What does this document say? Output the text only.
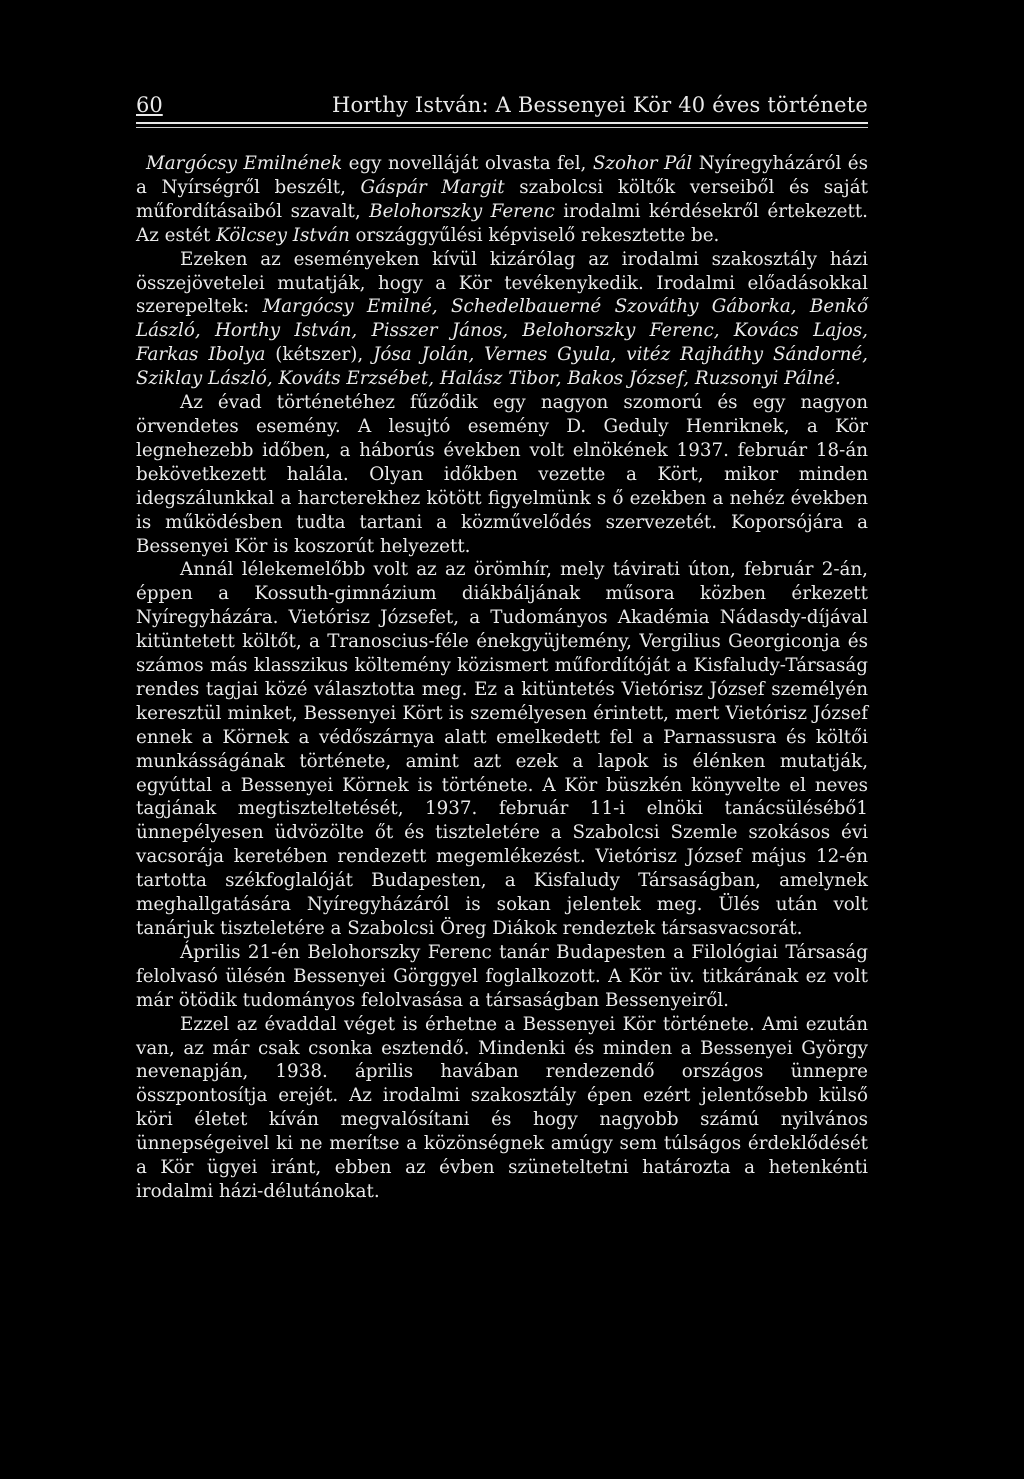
60	Horthy István: A Bessenyei Kör 40 éves története

Margócsy Emilnének egy novelláját olvasta fel, Szohor Pál Nyíregyházáról és a Nyírségről beszélt, Gáspár Margit szabolcsi költők verseiből és saját műfordításaiból szavalt, Belohorszky Ferenc irodalmi kérdésekről értekezett. Az estét Kölcsey István országgyűlési képviselő rekesztette be.

Ezeken az eseményeken kívül kizárólag az irodalmi szakosztály házi összejövetelei mutatják, hogy a Kör tevékenykedik. Irodalmi előadásokkal szerepeltek: Margócsy Emilné, Schedelbauerné Szováthy Gáborka, Benkő László, Horthy István, Pisszer János, Belohorszky Ferenc, Kovács Lajos, Farkas Ibolya (kétszer), Jósa Jolán, Vernes Gyula, vitéz Rajháthy Sándorné, Sziklay László, Kováts Erzsébet, Halász Tibor, Bakos József, Ruzsonyi Pálné.

Az évad történetéhez fűződik egy nagyon szomorú és egy nagyon örvendetes esemény. A lesujtó esemény D. Geduly Henriknek, a Kör legnehezebb időben, a háborús években volt elnökének 1937. február 18-án bekövetkezett halála. Olyan időkben vezette a Kört, mikor minden idegszálunkkal a harcterekhez kötött figyelmünk s ő ezekben a nehéz években is működésben tudta tartani a közművelődés szervezetét. Koporsójára a Bessenyei Kör is koszorút helyezett.

Annál lélekemelőbb volt az az örömhír, mely távirati úton, február 2-án, éppen a Kossuth-gimnázium diákbáljának műsora közben érkezett Nyíregyházára. Vietórisz Józsefet, a Tudományos Akadémia Nádasdy-díjával kitüntetett költőt, a Tranoscius-féle énekgyüjtemény, Vergilius Georgiconja és számos más klasszikus költemény közismert műfordítóját a Kisfaludy-Társaság rendes tagjai közé választotta meg. Ez a kitüntetés Vietórisz József személyén keresztül minket, Bessenyei Kört is személyesen érintett, mert Vietórisz József ennek a Körnek a védőszárnya alatt emelkedett fel a Parnassusra és költői munkásságának története, amint azt ezek a lapok is élénken mutatják, egyúttal a Bessenyei Körnek is története. A Kör büszkén könyvelte el neves tagjának megtiszteltetését, 1937. február 11-i elnöki tanácsülésébő1 ünnepélyesen üdvözölte őt és tiszteletére a Szabolcsi Szemle szokásos évi vacsorája keretében rendezett megemlékezést. Vietórisz József május 12-én tartotta székfoglalóját Budapesten, a Kisfaludy Társaságban, amelynek meghallgatására Nyíregyházáról is sokan jelentek meg. Ülés után volt tanárjuk tiszteletére a Szabolcsi Öreg Diákok rendeztek társasvacsorát.

Április 21-én Belohorszky Ferenc tanár Budapesten a Filológiai Társaság felolvasó ülésén Bessenyei Görggyel foglalkozott. A Kör üv. titkárának ez volt már ötödik tudományos felolvasása a társaságban Bessenyeiről.

Ezzel az évaddal véget is érhetne a Bessenyei Kör története. Ami ezután van, az már csak csonka esztendő. Mindenki és minden a Bessenyei György nevenapján, 1938. április havában rendezendő országos ünnepre összpontosítja erejét. Az irodalmi szakosztály épen ezért jelentősebb külső köri életet kíván megvalósítani és hogy nagyobb számú nyilvános ünnepségeivel ki ne merítse a közönségnek amúgy sem túlságos érdeklődését a Kör ügyei iránt, ebben az évben szüneteltetni határozta a hetenkénti irodalmi házi-délutánokat.
